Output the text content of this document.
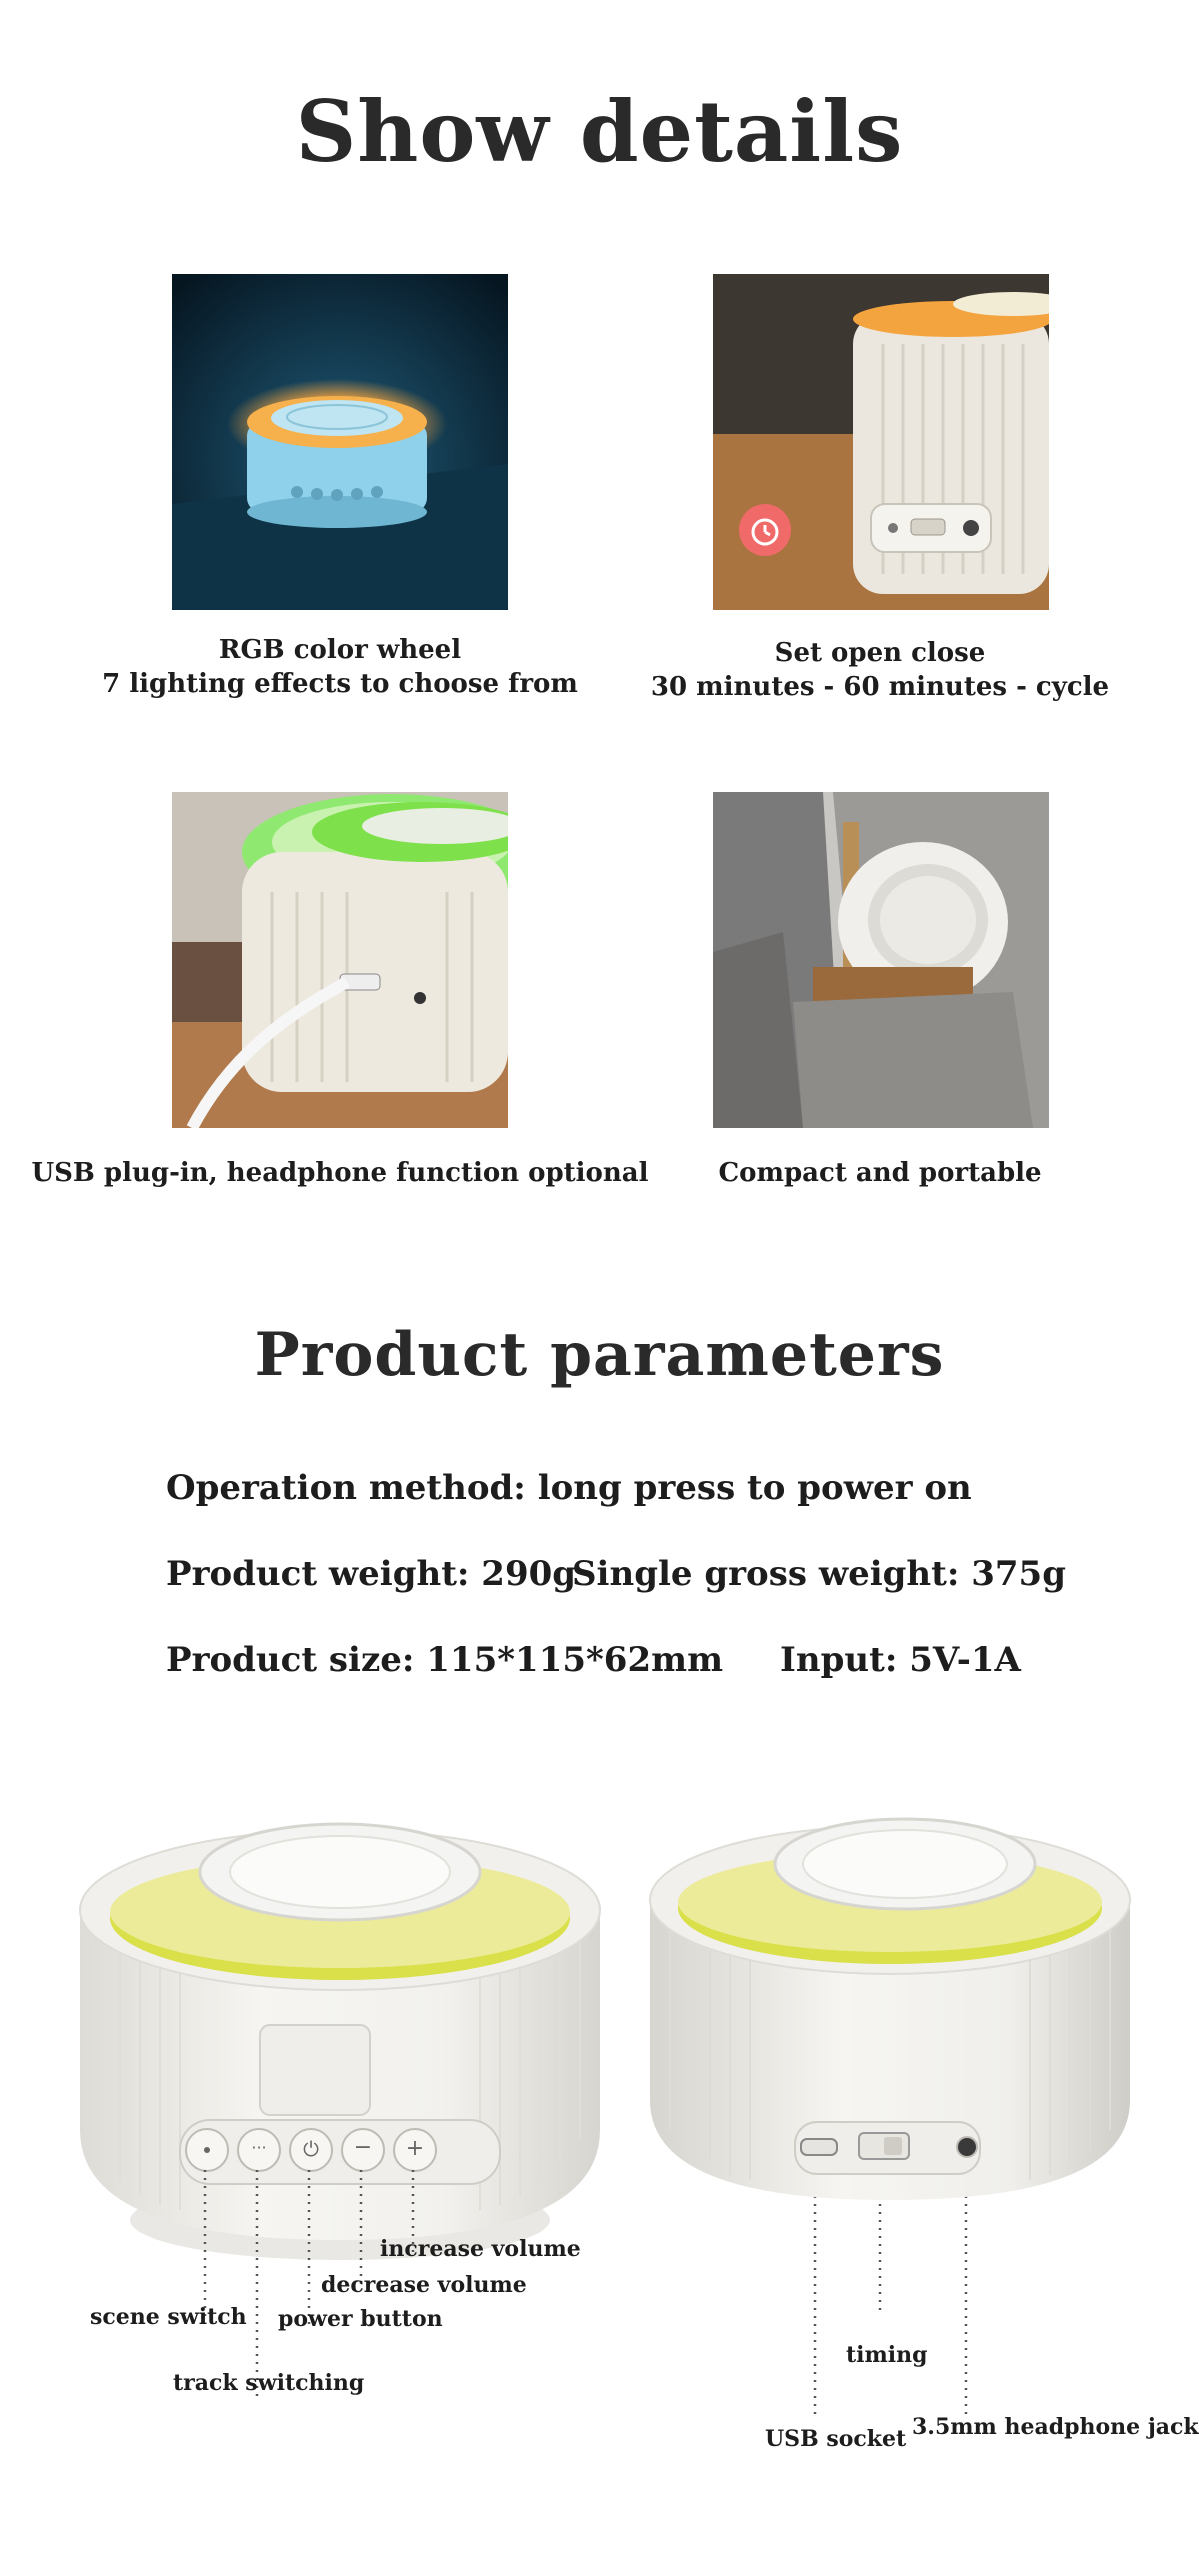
Show details
RGB color wheel
7 lighting effects to choose from
Set open close
30 minutes - 60 minutes - cycle
USB plug-in, headphone function optional	Compact and portable
Product parameters
Operation method: long press to power on
Product weight: 290g
Single gross weight: 375g
Product size: 115*115*62mm Input: 5V-1A
···	⏻	−	+
scene switch
track switching
power button
decrease volume
increase volume
timing
USB socket 3.5mm headphone jack
